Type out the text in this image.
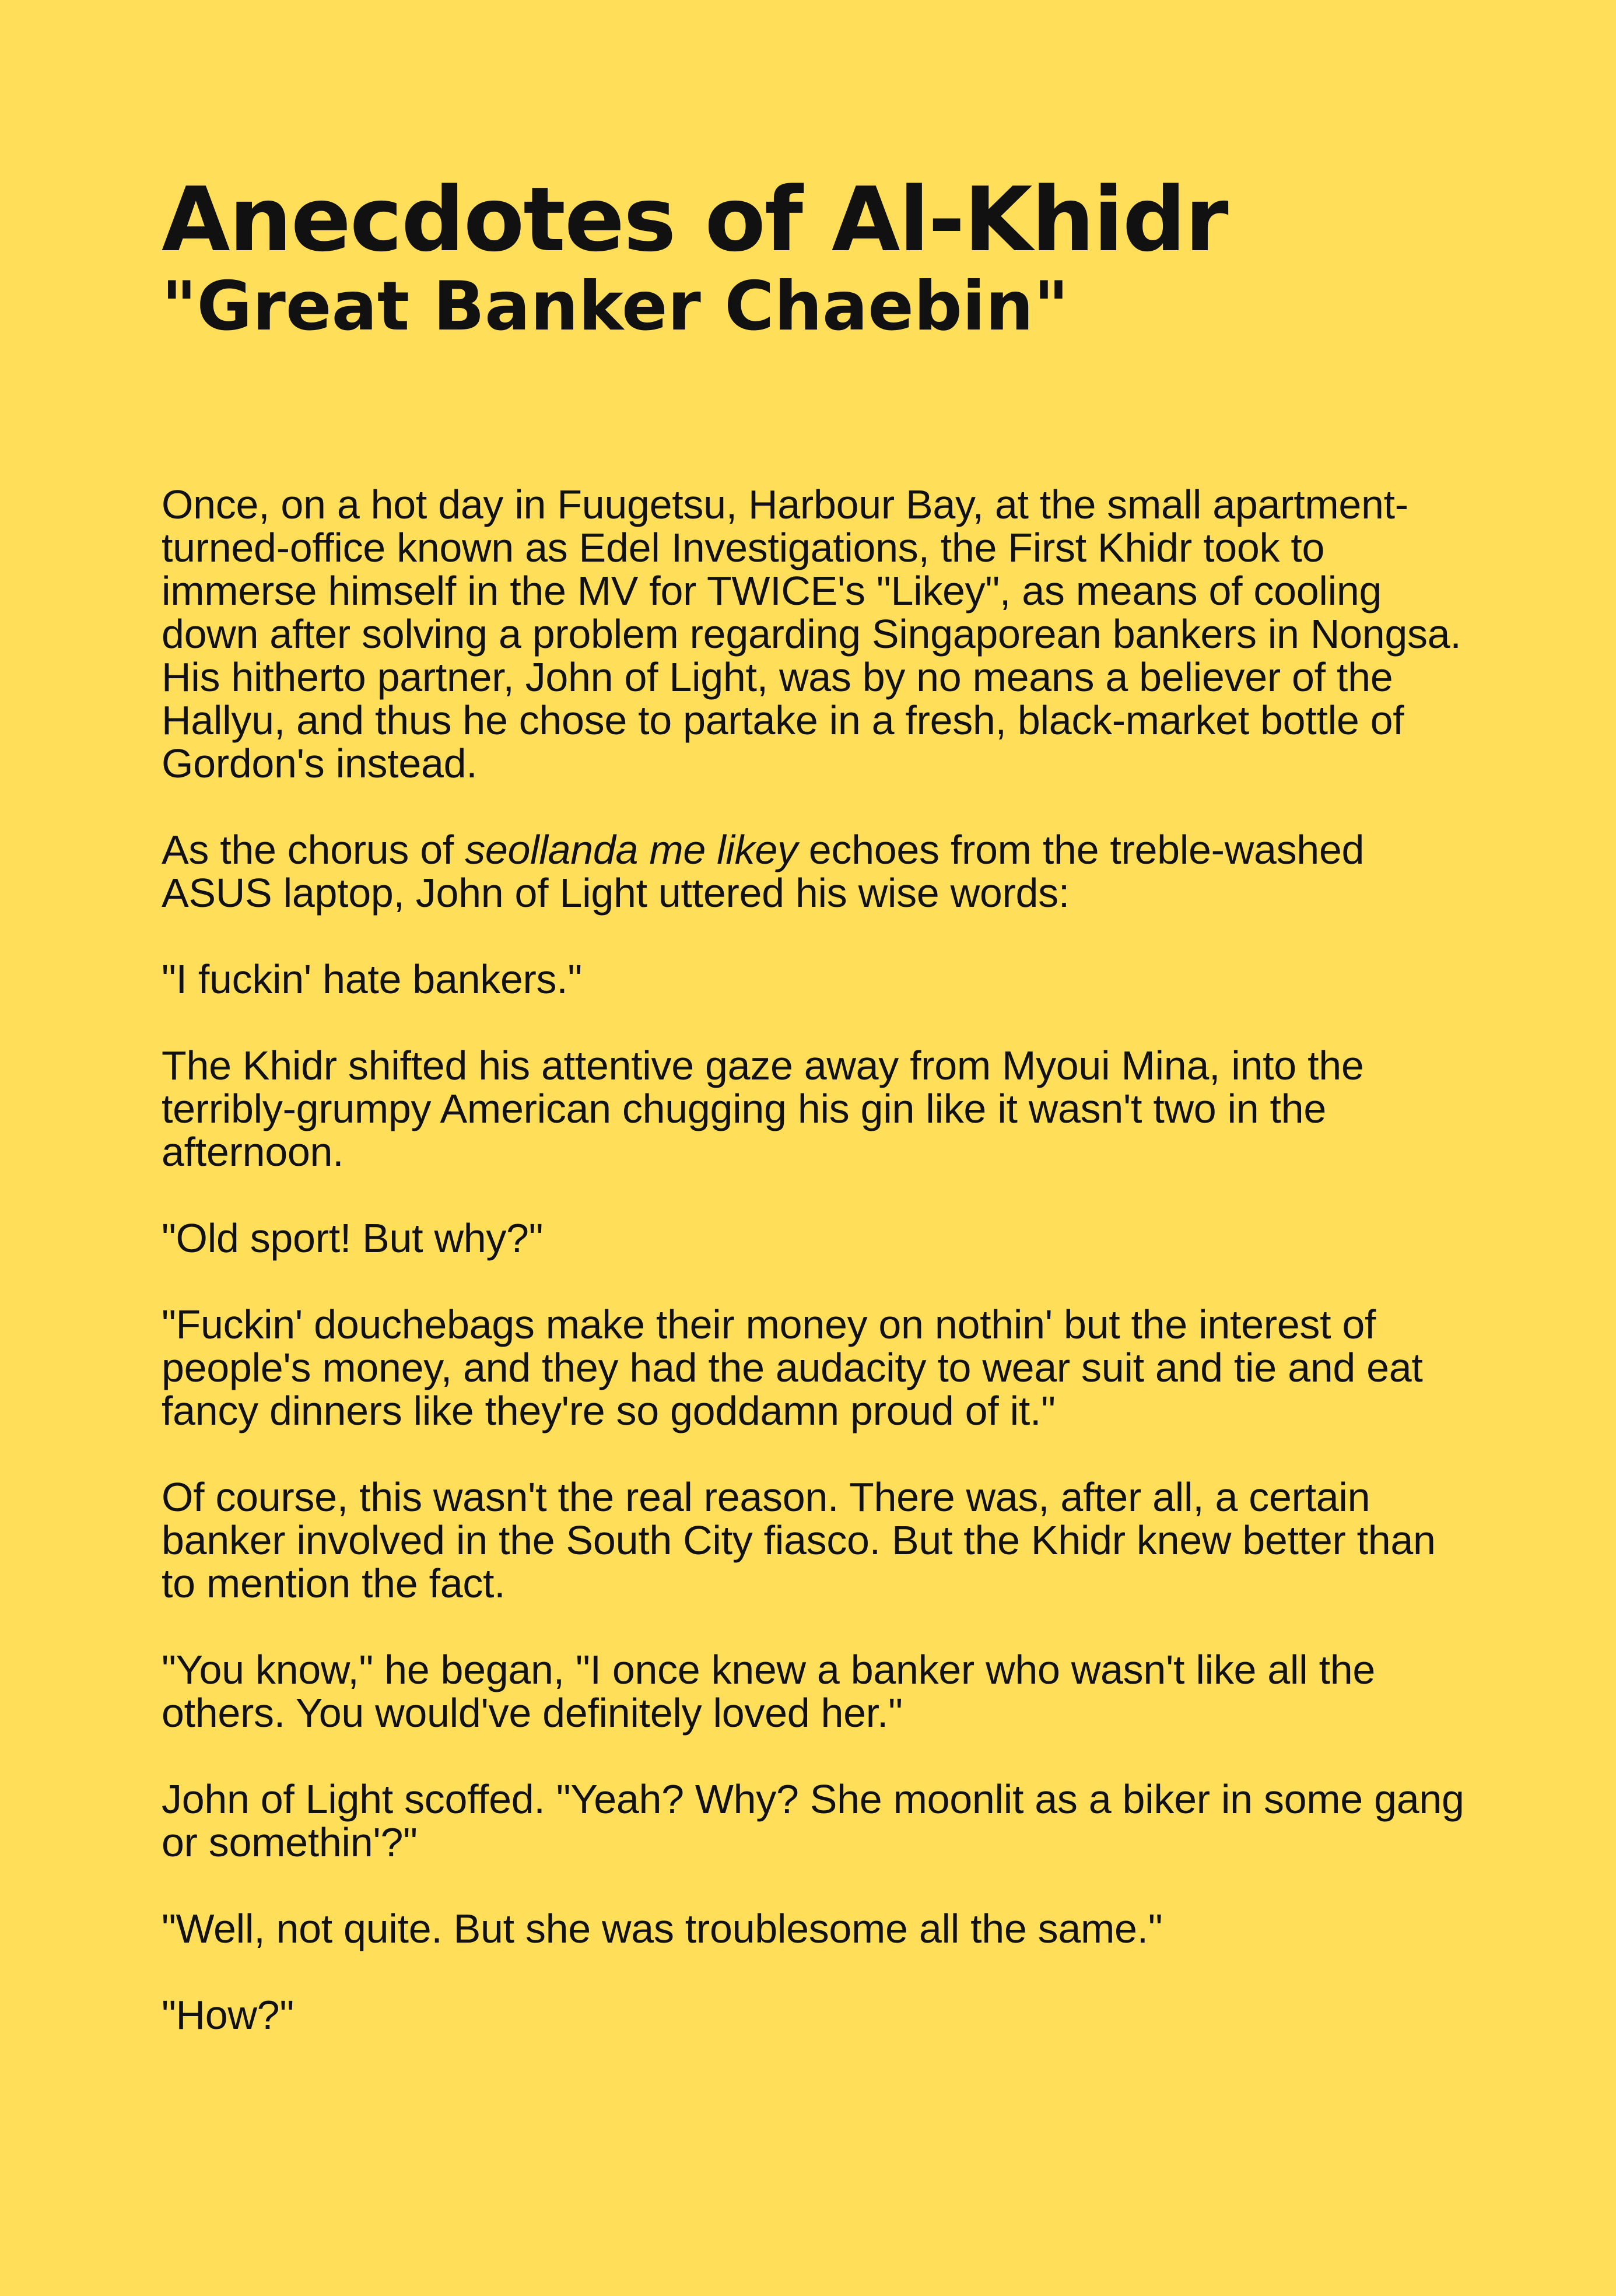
Anecdotes of Al-Khidr
"Great Banker Chaebin"

Once, on a hot day in Fuugetsu, Harbour Bay, at the small apartment-turned-office known as Edel Investigations, the First Khidr took to immerse himself in the MV for TWICE's "Likey", as means of cooling down after solving a problem regarding Singaporean bankers in Nongsa. His hitherto partner, John of Light, was by no means a believer of the Hallyu, and thus he chose to partake in a fresh, black-market bottle of Gordon's instead.

As the chorus of seollanda me likey echoes from the treble-washed ASUS laptop, John of Light uttered his wise words:

"I fuckin' hate bankers."

The Khidr shifted his attentive gaze away from Myoui Mina, into the terribly-grumpy American chugging his gin like it wasn't two in the afternoon.

"Old sport! But why?"

"Fuckin' douchebags make their money on nothin' but the interest of people's money, and they had the audacity to wear suit and tie and eat fancy dinners like they're so goddamn proud of it."

Of course, this wasn't the real reason. There was, after all, a certain banker involved in the South City fiasco. But the Khidr knew better than to mention the fact.

"You know," he began, "I once knew a banker who wasn't like all the others. You would've definitely loved her."

John of Light scoffed. "Yeah? Why? She moonlit as a biker in some gang or somethin'?"

"Well, not quite. But she was troublesome all the same."

"How?"
